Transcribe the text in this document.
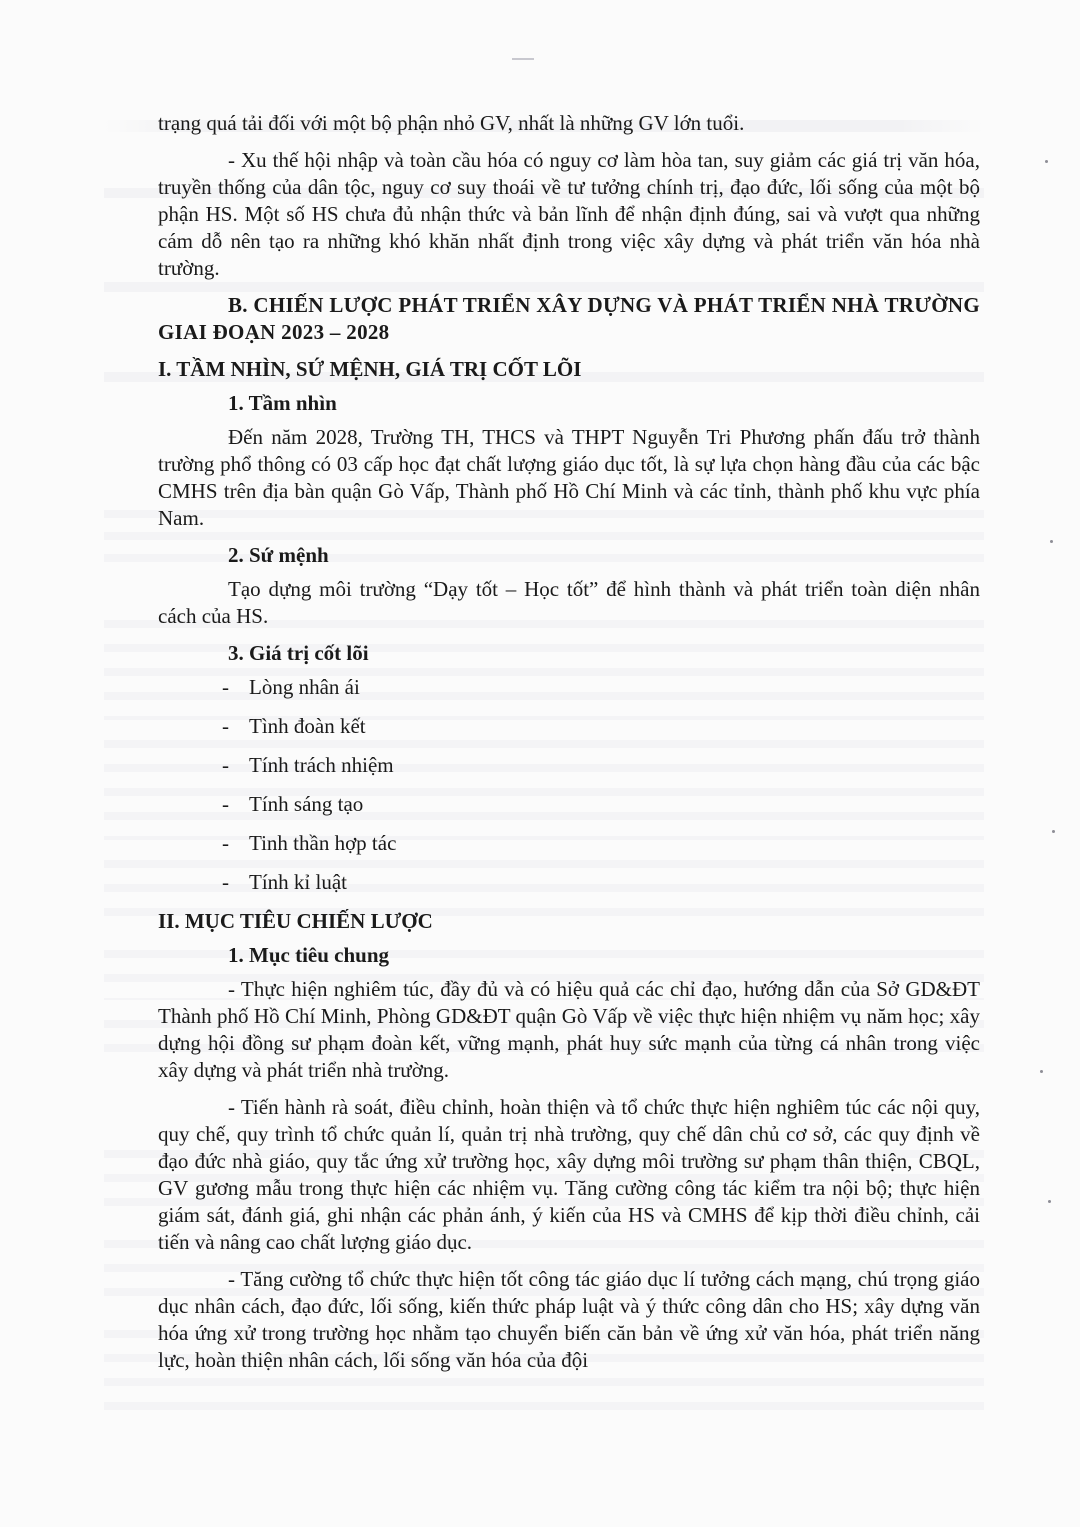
trạng quá tải đối với một bộ phận nhỏ GV, nhất là những GV lớn tuổi.

- Xu thế hội nhập và toàn cầu hóa có nguy cơ làm hòa tan, suy giảm các giá trị văn hóa, truyền thống của dân tộc, nguy cơ suy thoái về tư tưởng chính trị, đạo đức, lối sống của một bộ phận HS. Một số HS chưa đủ nhận thức và bản lĩnh để nhận định đúng, sai và vượt qua những cám dỗ nên tạo ra những khó khăn nhất định trong việc xây dựng và phát triển văn hóa nhà trường.

B. CHIẾN LƯỢC PHÁT TRIỂN XÂY DỰNG VÀ PHÁT TRIỂN NHÀ TRƯỜNG GIAI ĐOẠN 2023 – 2028

I. TẦM NHÌN, SỨ MỆNH, GIÁ TRỊ CỐT LÕI

1. Tầm nhìn

Đến năm 2028, Trường TH, THCS và THPT Nguyễn Tri Phương phấn đấu trở thành trường phổ thông có 03 cấp học đạt chất lượng giáo dục tốt, là sự lựa chọn hàng đầu của các bậc CMHS trên địa bàn quận Gò Vấp, Thành phố Hồ Chí Minh và các tỉnh, thành phố khu vực phía Nam.

2. Sứ mệnh

Tạo dựng môi trường “Dạy tốt – Học tốt” để hình thành và phát triển toàn diện nhân cách của HS.

3. Giá trị cốt lõi

- Lòng nhân ái
- Tình đoàn kết
- Tính trách nhiệm
- Tính sáng tạo
- Tinh thần hợp tác
- Tính kỉ luật

II. MỤC TIÊU CHIẾN LƯỢC

1. Mục tiêu chung

- Thực hiện nghiêm túc, đầy đủ và có hiệu quả các chỉ đạo, hướng dẫn của Sở GD&ĐT Thành phố Hồ Chí Minh, Phòng GD&ĐT quận Gò Vấp về việc thực hiện nhiệm vụ năm học; xây dựng hội đồng sư phạm đoàn kết, vững mạnh, phát huy sức mạnh của từng cá nhân trong việc xây dựng và phát triển nhà trường.

- Tiến hành rà soát, điều chỉnh, hoàn thiện và tổ chức thực hiện nghiêm túc các nội quy, quy chế, quy trình tổ chức quản lí, quản trị nhà trường, quy chế dân chủ cơ sở, các quy định về đạo đức nhà giáo, quy tắc ứng xử trường học, xây dựng môi trường sư phạm thân thiện, CBQL, GV gương mẫu trong thực hiện các nhiệm vụ. Tăng cường công tác kiểm tra nội bộ; thực hiện giám sát, đánh giá, ghi nhận các phản ánh, ý kiến của HS và CMHS để kịp thời điều chỉnh, cải tiến và nâng cao chất lượng giáo dục.

- Tăng cường tổ chức thực hiện tốt công tác giáo dục lí tưởng cách mạng, chú trọng giáo dục nhân cách, đạo đức, lối sống, kiến thức pháp luật và ý thức công dân cho HS; xây dựng văn hóa ứng xử trong trường học nhằm tạo chuyển biến căn bản về ứng xử văn hóa, phát triển năng lực, hoàn thiện nhân cách, lối sống văn hóa của đội
